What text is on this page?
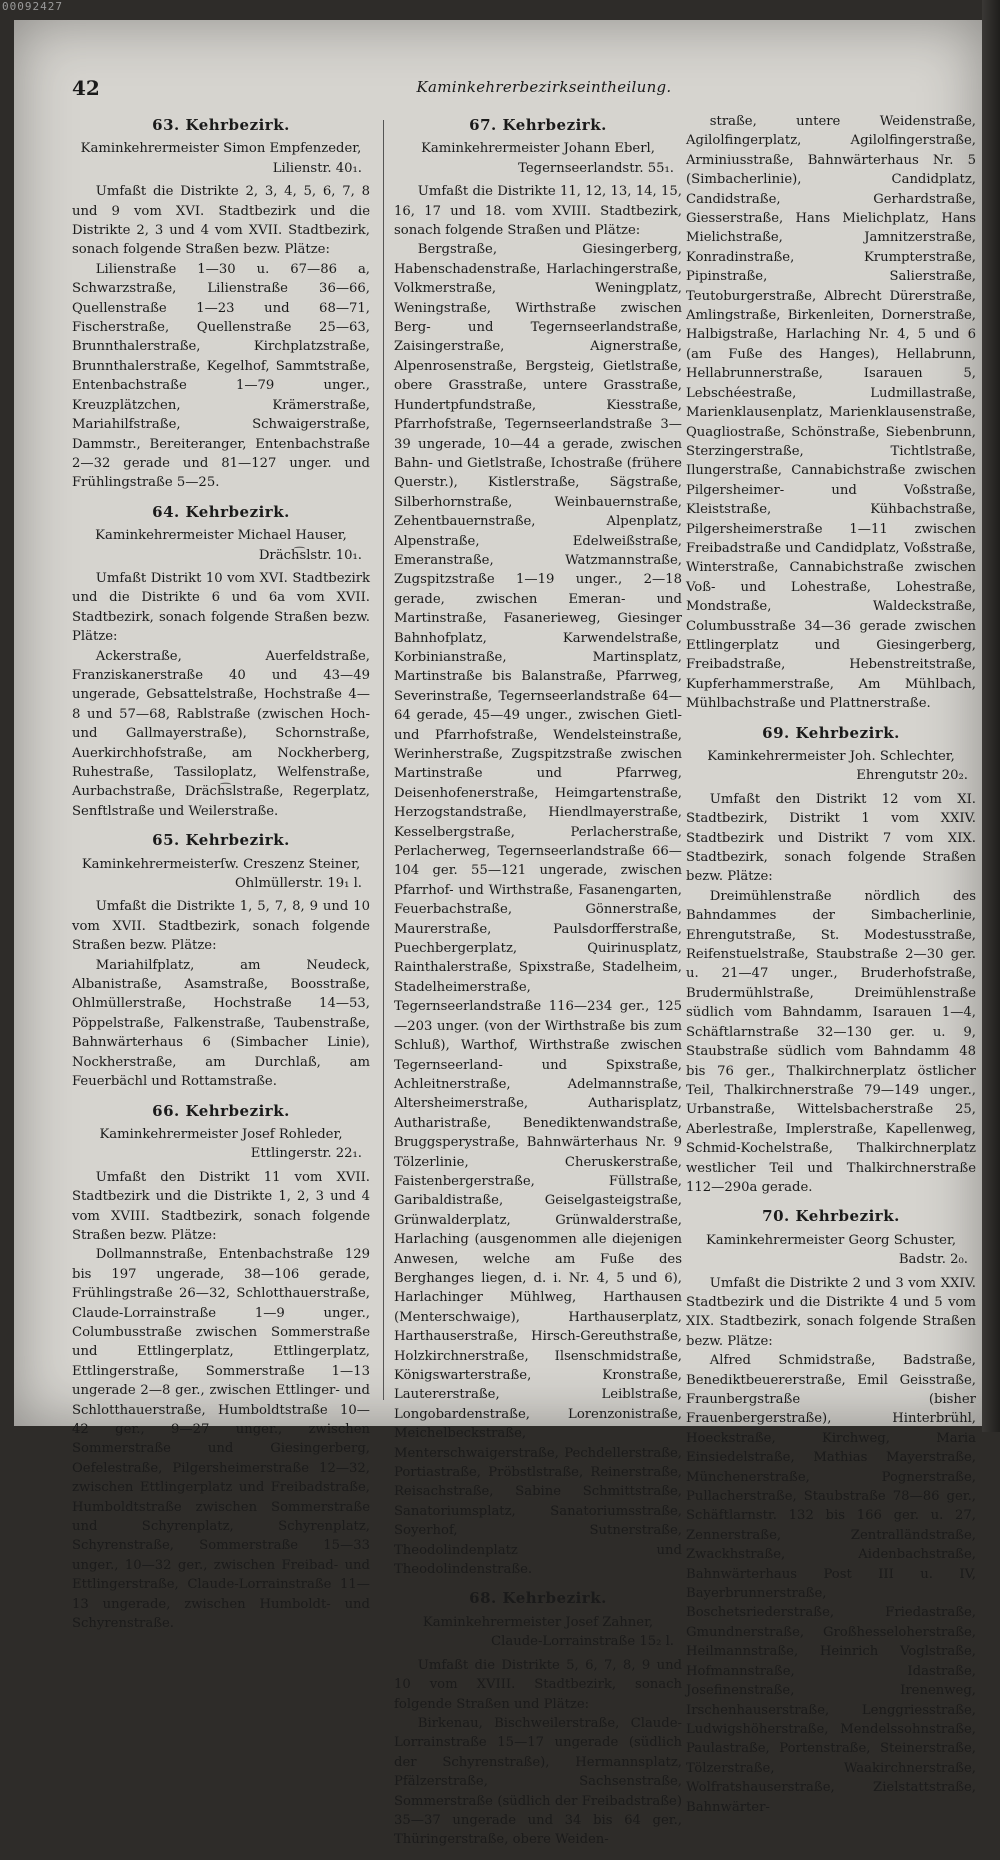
00092427
42	Kaminkehrerbezirkseintheilung.
63. Kehrbezirk.
Kaminkehrermeister Simon Empfenzeder,
Lilienstr. 40₁.

Umfaßt die Distrikte 2, 3, 4, 5, 6, 7, 8 und 9 vom XVI. Stadtbezirk und die Distrikte 2, 3 und 4 vom XVII. Stadtbezirk, sonach folgende Straßen bezw. Plätze:

Lilienstraße 1—30 u. 67—86 a, Schwarzstraße, Lilienstraße 36—66, Quellenstraße 1—23 und 68—71, Fischerstraße, Quellenstraße 25—63, Brunnthalerstraße, Kirchplatzstraße, Brunnthalerstraße, Kegelhof, Sammtstraße, Entenbachstraße 1—79 unger., Kreuzplätzchen, Krämerstraße, Mariahilfstraße, Schwaigerstraße, Dammstr., Bereiteranger, Entenbachstraße 2—32 gerade und 81—127 unger. und Frühlingstraße 5—25.

64. Kehrbezirk.
Kaminkehrermeister Michael Hauser,
Dräch͡slstr. 10₁.

Umfaßt Distrikt 10 vom XVI. Stadtbezirk und die Distrikte 6 und 6a vom XVII. Stadtbezirk, sonach folgende Straßen bezw. Plätze:

Ackerstraße, Auerfeldstraße, Franziskanerstraße 40 und 43—49 ungerade, Gebsattelstraße, Hochstraße 4—8 und 57—68, Rablstraße (zwischen Hoch- und Gallmayerstraße), Schornstraße, Auerkirchhofstraße, am Nockherberg, Ruhestraße, Tassiloplatz, Welfenstraße, Aurbachstraße, Dräch͡slstraße, Regerplatz, Senftlstraße und Weilerstraße.

65. Kehrbezirk.
Kaminkehrermeisterſw. Creszenz Steiner,
Ohlmüllerstr. 19₁ l.

Umfaßt die Distrikte 1, 5, 7, 8, 9 und 10 vom XVII. Stadtbezirk, sonach folgende Straßen bezw. Plätze:

Mariahilfplatz, am Neudeck, Albanistraße, Asamstraße, Boosstraße, Ohlmüllerstraße, Hochstraße 14—53, Pöppelstraße, Falkenstraße, Taubenstraße, Bahnwärterhaus 6 (Simbacher Linie), Nockherstraße, am Durchlaß, am Feuerbächl und Rottamstraße.

66. Kehrbezirk.
Kaminkehrermeister Josef Rohleder,
Ettlingerstr. 22₁.

Umfaßt den Distrikt 11 vom XVII. Stadtbezirk und die Distrikte 1, 2, 3 und 4 vom XVIII. Stadtbezirk, sonach folgende Straßen bezw. Plätze:

Dollmannstraße, Entenbachstraße 129 bis 197 ungerade, 38—106 gerade, Frühlingstraße 26—32, Schlotthauerstraße, Claude-Lorrainstraße 1—9 unger., Columbusstraße zwischen Sommerstraße und Ettlingerplatz, Ettlingerplatz, Ettlingerstraße, Sommerstraße 1—13 ungerade 2—8 ger., zwischen Ettlinger- und Schlotthauerstraße, Humboldtstraße 10—42 ger., 9—27 unger., zwischen Sommerstraße und Giesingerberg, Oefelestraße, Pilgersheimerstraße 12—32, zwischen Ettlingerplatz und Freibadstraße, Humboldtstraße zwischen Sommerstraße und Schyrenplatz, Schyrenplatz, Schyrenstraße, Sommerstraße 15—33 unger., 10—32 ger., zwischen Freibad- und Ettlingerstraße, Claude-Lorrainstraße 11—13 ungerade, zwischen Humboldt- und Schyrenstraße.

67. Kehrbezirk.
Kaminkehrermeister Johann Eberl,
Tegernseerlandstr. 55₁.

Umfaßt die Distrikte 11, 12, 13, 14, 15, 16, 17 und 18. vom XVIII. Stadtbezirk, sonach folgende Straßen und Plätze:

Bergstraße, Giesingerberg, Habenschadenstraße, Harlachingerstraße, Volkmerstraße, Weningplatz, Weningstraße, Wirthstraße zwischen Berg- und Tegernseerlandstraße, Zaisingerstraße, Aignerstraße, Alpenrosenstraße, Bergsteig, Gietlstraße, obere Grasstraße, untere Grasstraße, Hundertpfundstraße, Kiesstraße, Pfarrhofstraße, Tegernseerlandstraße 3—39 ungerade, 10—44 a gerade, zwischen Bahn- und Gietlstraße, Ichostraße (frühere Querstr.), Kistlerstraße, Sägstraße, Silberhornstraße, Weinbauernstraße, Zehentbauernstraße, Alpenplatz, Alpenstraße, Edelweißstraße, Emeranstraße, Watzmannstraße, Zugspitzstraße 1—19 unger., 2—18 gerade, zwischen Emeran- und Martinstraße, Fasanerieweg, Giesinger Bahnhofplatz, Karwendelstraße, Korbinianstraße, Martinsplatz, Martinstraße bis Balanstraße, Pfarrweg, Severinstraße, Tegernseerlandstraße 64—64 gerade, 45—49 unger., zwischen Gietl- und Pfarrhofstraße, Wendelsteinstraße, Werinherstraße, Zugspitzstraße zwischen Martinstraße und Pfarrweg, Deisenhofenerstraße, Heimgartenstraße, Herzogstandstraße, Hiendlmayerstraße, Kesselbergstraße, Perlacherstraße, Perlacherweg, Tegernseerlandstraße 66—104 ger. 55—121 ungerade, zwischen Pfarrhof- und Wirthstraße, Fasanengarten, Feuerbachstraße, Gönnerstraße, Maurerstraße, Paulsdorfferstraße, Puechbergerplatz, Quirinusplatz, Rainthalerstraße, Spixstraße, Stadelheim, Stadelheimerstraße, Tegernseerlandstraße 116—234 ger., 125—203 unger. (von der Wirthstraße bis zum Schluß), Warthof, Wirthstraße zwischen Tegernseerland- und Spixstraße, Achleitnerstraße, Adelmannstraße, Altersheimerstraße, Autharisplatz, Autharistraße, Benediktenwandstraße, Bruggsperystraße, Bahnwärterhaus Nr. 9 Tölzerlinie, Cheruskerstraße, Faistenbergerstraße, Füllstraße, Garibaldistraße, Geiselgasteigstraße, Grünwalderplatz, Grünwalderstraße, Harlaching (ausgenommen alle diejenigen Anwesen, welche am Fuße des Berghanges liegen, d. i. Nr. 4, 5 und 6), Harlachinger Mühlweg, Harthausen (Menterschwaige), Harthauserplatz, Harthauserstraße, Hirsch-Gereuthstraße, Holzkirchnerstraße, Ilsenschmidstraße, Königswarterstraße, Kronstraße, Lautererstraße, Leiblstraße, Longobardenstraße, Lorenzonistraße, Meichelbeckstraße, Menterschwaigerstraße, Pechdellerstraße, Portiastraße, Pröbstlstraße, Reinerstraße, Reisachstraße, Sabine Schmittstraße, Sanatoriumsplatz, Sanatoriumsstraße, Soyerhof, Sutnerstraße, Theodolindenplatz und Theodolindenstraße.

68. Kehrbezirk.
Kaminkehrermeister Josef Zahner,
Claude-Lorrainstraße 15₂ l.

Umfaßt die Distrikte 5, 6, 7, 8, 9 und 10 vom XVIII. Stadtbezirk, sonach folgende Straßen und Plätze:

Birkenau, Bischweilerstraße, Claude-Lorrainstraße 15—17 ungerade (südlich der Schyrenstraße), Hermannsplatz, Pfälzerstraße, Sachsenstraße, Sommerstraße (südlich der Freibadstraße) 35—37 ungerade und 34 bis 64 ger., Thüringerstraße, obere Weiden-

straße, untere Weidenstraße, Agilolfingerplatz, Agilolfingerstraße, Arminiusstraße, Bahnwärterhaus Nr. 5 (Simbacherlinie), Candidplatz, Candidstraße, Gerhardstraße, Giesserstraße, Hans Mielichplatz, Hans Mielichstraße, Jamnitzerstraße, Konradinstraße, Krumpterstraße, Pipinstraße, Salierstraße, Teutoburgerstraße, Albrecht Dürerstraße, Amlingstraße, Birkenleiten, Dornerstraße, Halbigstraße, Harlaching Nr. 4, 5 und 6 (am Fuße des Hanges), Hellabrunn, Hellabrunnerstraße, Isarauen 5, Lebschéestraße, Ludmillastraße, Marienklausenplatz, Marienklausenstraße, Quagliostraße, Schönstraße, Siebenbrunn, Sterzingerstraße, Tichtlstraße, Ilungerstraße, Cannabichstraße zwischen Pilgersheimer- und Voßstraße, Kleiststraße, Kühbachstraße, Pilgersheimerstraße 1—11 zwischen Freibadstraße und Candidplatz, Voßstraße, Winterstraße, Cannabichstraße zwischen Voß- und Lohestraße, Lohestraße, Mondstraße, Waldeckstraße, Columbusstraße 34—36 gerade zwischen Ettlingerplatz und Giesingerberg, Freibadstraße, Hebenstreitstraße, Kupferhammerstraße, Am Mühlbach, Mühlbachstraße und Plattnerstraße.

69. Kehrbezirk.
Kaminkehrermeister Joh. Schlechter,
Ehrengutstr 20₂.

Umfaßt den Distrikt 12 vom XI. Stadtbezirk, Distrikt 1 vom XXIV. Stadtbezirk und Distrikt 7 vom XIX. Stadtbezirk, sonach folgende Straßen bezw. Plätze:

Dreimühlenstraße nördlich des Bahndammes der Simbacherlinie, Ehrengutstraße, St. Modestusstraße, Reifenstuelstraße, Staubstraße 2—30 ger. u. 21—47 unger., Bruderhofstraße, Brudermühlstraße, Dreimühlenstraße südlich vom Bahndamm, Isarauen 1—4, Schäftlarnstraße 32—130 ger. u. 9, Staubstraße südlich vom Bahndamm 48 bis 76 ger., Thalkirchnerplatz östlicher Teil, Thalkirchnerstraße 79—149 unger., Urbanstraße, Wittelsbacherstraße 25, Aberlestraße, Implerstraße, Kapellenweg, Schmid-Kochelstraße, Thalkirchnerplatz westlicher Teil und Thalkirchnerstraße 112—290a gerade.

70. Kehrbezirk.
Kaminkehrermeister Georg Schuster,
Badstr. 2₀.

Umfaßt die Distrikte 2 und 3 vom XXIV. Stadtbezirk und die Distrikte 4 und 5 vom XIX. Stadtbezirk, sonach folgende Straßen bezw. Plätze:

Alfred Schmidstraße, Badstraße, Benediktbeuererstraße, Emil Geisstraße, Fraunbergstraße (bisher Frauenbergerstraße), Hinterbrühl, Hoeckstraße, Kirchweg, Maria Einsiedelstraße, Mathias Mayerstraße, Münchenerstraße, Pognerstraße, Pullacherstraße, Staubstraße 78—86 ger., Schäftlarnstr. 132 bis 166 ger. u. 27, Zennerstraße, Zentralländstraße, Zwackhstraße, Aidenbachstraße, Bahnwärterhaus Post III u. IV, Bayerbrunnerstraße, Boschetsriederstraße, Friedastraße, Gmundnerstraße, Großhesseloherstraße, Heilmannstraße, Heinrich Voglstraße, Hofmannstraße, Idastraße, Josefinenstraße, Irenenweg, Irschenhauserstraße, Lenggriesstraße, Ludwigshöherstraße, Mendelssohnstraße, Paulastraße, Portenstraße, Steinerstraße, Tölzerstraße, Waakirchnerstraße, Wolfratshauserstraße, Zielstattstraße, Bahnwärter-
